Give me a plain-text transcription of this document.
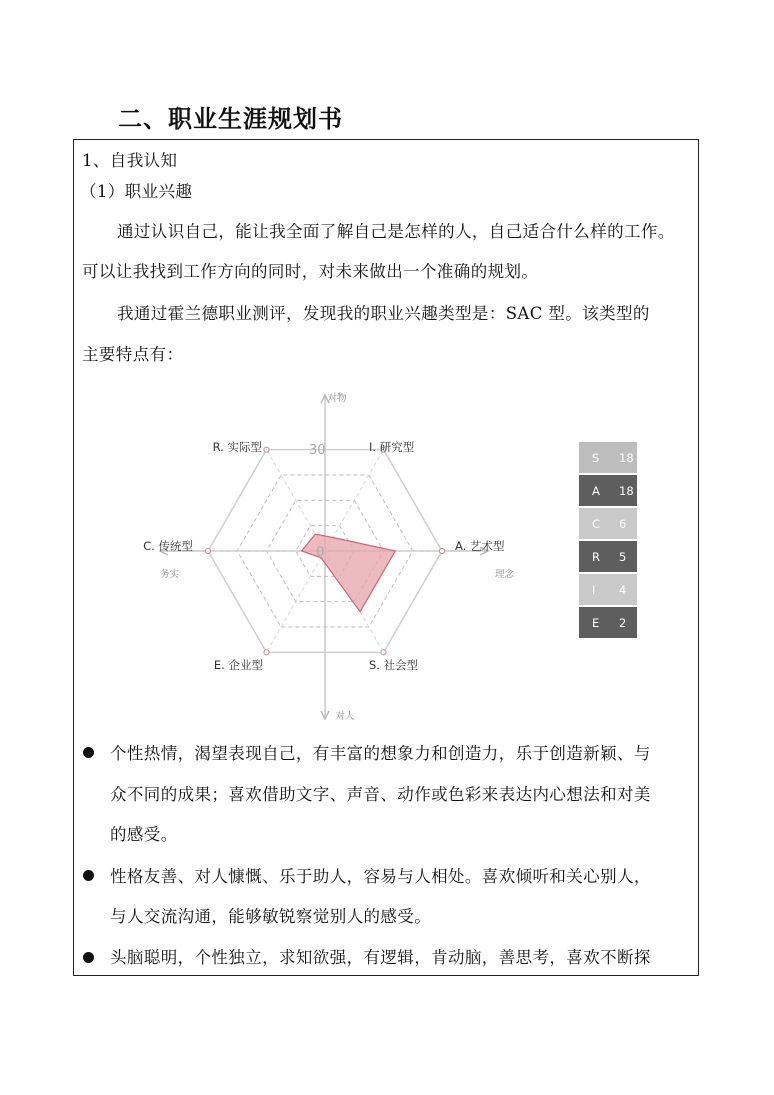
二、职业生涯规划书
1、自我认知
（1）职业兴趣
通过认识自己，能让我全面了解自己是怎样的人，自己适合什么样的工作。
可以让我找到工作方向的同时，对未来做出一个准确的规划。
我通过霍兰德职业测评，发现我的职业兴趣类型是：SAC 型。该类型的
主要特点有：
30
0
I. 研究型
A. 艺术型
S. 社会型
E. 企业型
C. 传统型
R. 实际型
对物
对人
务实	理念
S 18
A 18
C 6
R 5
I 4
E 2
个性热情，渴望表现自己，有丰富的想象力和创造力，乐于创造新颖、与
众不同的成果；喜欢借助文字、声音、动作或色彩来表达内心想法和对美
的感受。
性格友善、对人慷慨、乐于助人，容易与人相处。喜欢倾听和关心别人，
与人交流沟通，能够敏锐察觉别人的感受。
头脑聪明，个性独立，求知欲强，有逻辑，肯动脑，善思考，喜欢不断探
